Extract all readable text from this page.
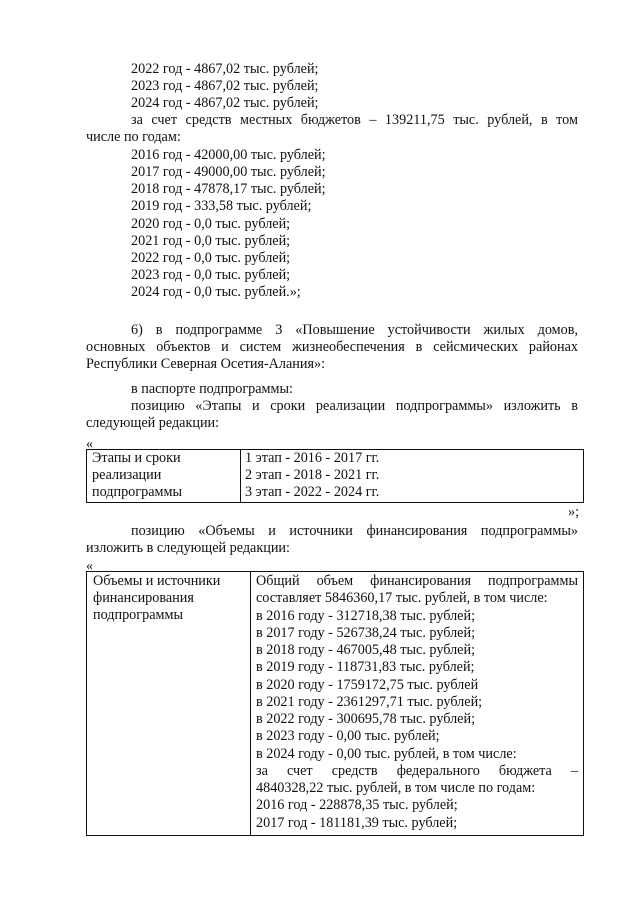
2022 год - 4867,02 тыс. рублей;
2023 год - 4867,02 тыс. рублей;
2024 год - 4867,02 тыс. рублей;
за счет средств местных бюджетов – 139211,75 тыс. рублей, в том
числе по годам:
2016 год - 42000,00 тыс. рублей;
2017 год - 49000,00 тыс. рублей;
2018 год - 47878,17 тыс. рублей;
2019 год - 333,58 тыс. рублей;
2020 год - 0,0 тыс. рублей;
2021 год - 0,0 тыс. рублей;
2022 год - 0,0 тыс. рублей;
2023 год - 0,0 тыс. рублей;
2024 год - 0,0 тыс. рублей.»;
6) в подпрограмме 3 «Повышение устойчивости жилых домов,
основных объектов и систем жизнеобеспечения в сейсмических районах
Республики Северная Осетия-Алания»:
в паспорте подпрограммы:
позицию «Этапы и сроки реализации подпрограммы» изложить в
следующей редакции:
«
Этапы и сроки
реализации
подпрограммы
1 этап - 2016 - 2017 гг.
2 этап - 2018 - 2021 гг.
3 этап - 2022 - 2024 гг.
»;
позицию «Объемы и источники финансирования подпрограммы»
изложить в следующей редакции:
«
Объемы и источники
финансирования
подпрограммы
Общий объем финансирования подпрограммы
составляет 5846360,17 тыс. рублей, в том числе:
в 2016 году - 312718,38 тыс. рублей;
в 2017 году - 526738,24 тыс. рублей;
в 2018 году - 467005,48 тыс. рублей;
в 2019 году - 118731,83 тыс. рублей;
в 2020 году - 1759172,75 тыс. рублей
в 2021 году - 2361297,71 тыс. рублей;
в 2022 году - 300695,78 тыс. рублей;
в 2023 году - 0,00 тыс. рублей;
в 2024 году - 0,00 тыс. рублей, в том числе:
за счет средств федерального бюджета –
4840328,22 тыс. рублей, в том числе по годам:
2016 год - 228878,35 тыс. рублей;
2017 год - 181181,39 тыс. рублей;
